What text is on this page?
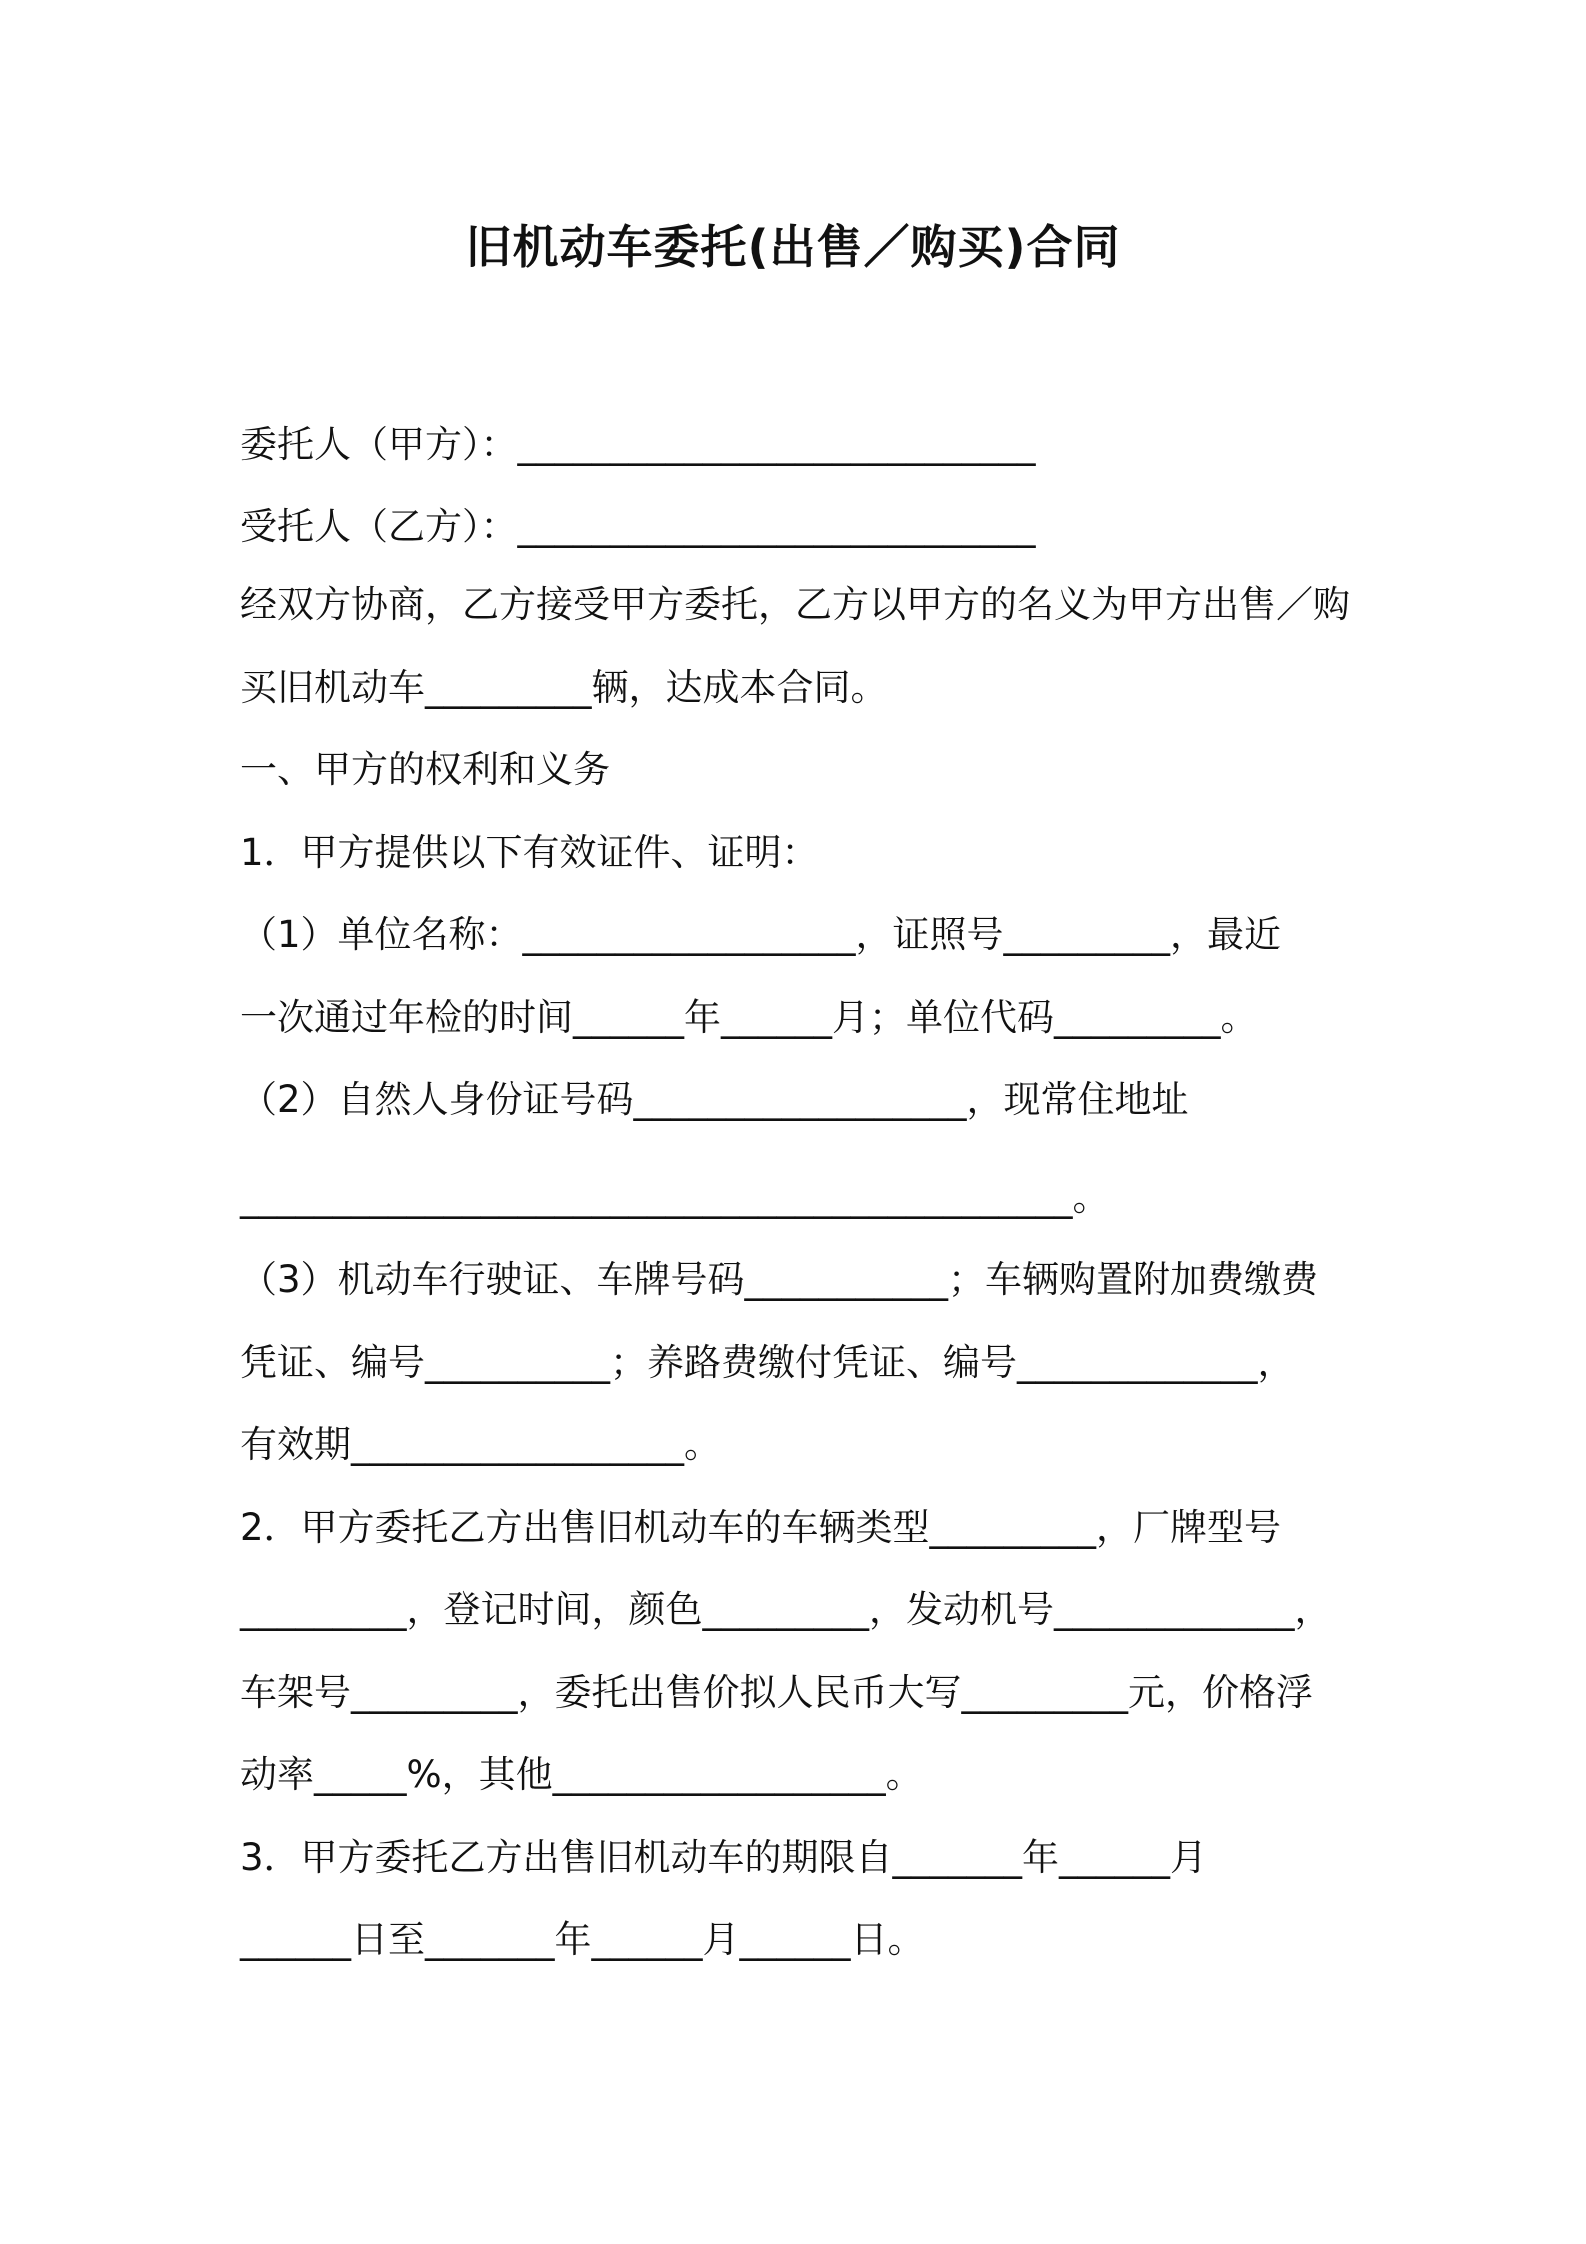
旧机动车委托(出售／购买)合同

委托人（甲方）：____________________________

受托人（乙方）：____________________________

经双方协商，乙方接受甲方委托，乙方以甲方的名义为甲方出售／购

买旧机动车_________辆，达成本合同。

一、甲方的权利和义务

1．甲方提供以下有效证件、证明：

（1）单位名称：__________________，证照号_________，最近

一次通过年检的时间______年______月；单位代码_________。

（2）自然人身份证号码__________________，现常住地址

_____________________________________________。

（3）机动车行驶证、车牌号码___________；车辆购置附加费缴费

凭证、编号__________；养路费缴付凭证、编号_____________，

有效期__________________。

2．甲方委托乙方出售旧机动车的车辆类型_________，厂牌型号

_________，登记时间，颜色_________，发动机号_____________，

车架号_________，委托出售价拟人民币大写_________元，价格浮

动率_____%，其他__________________。

3．甲方委托乙方出售旧机动车的期限自_______年______月

______日至_______年______月______日。
